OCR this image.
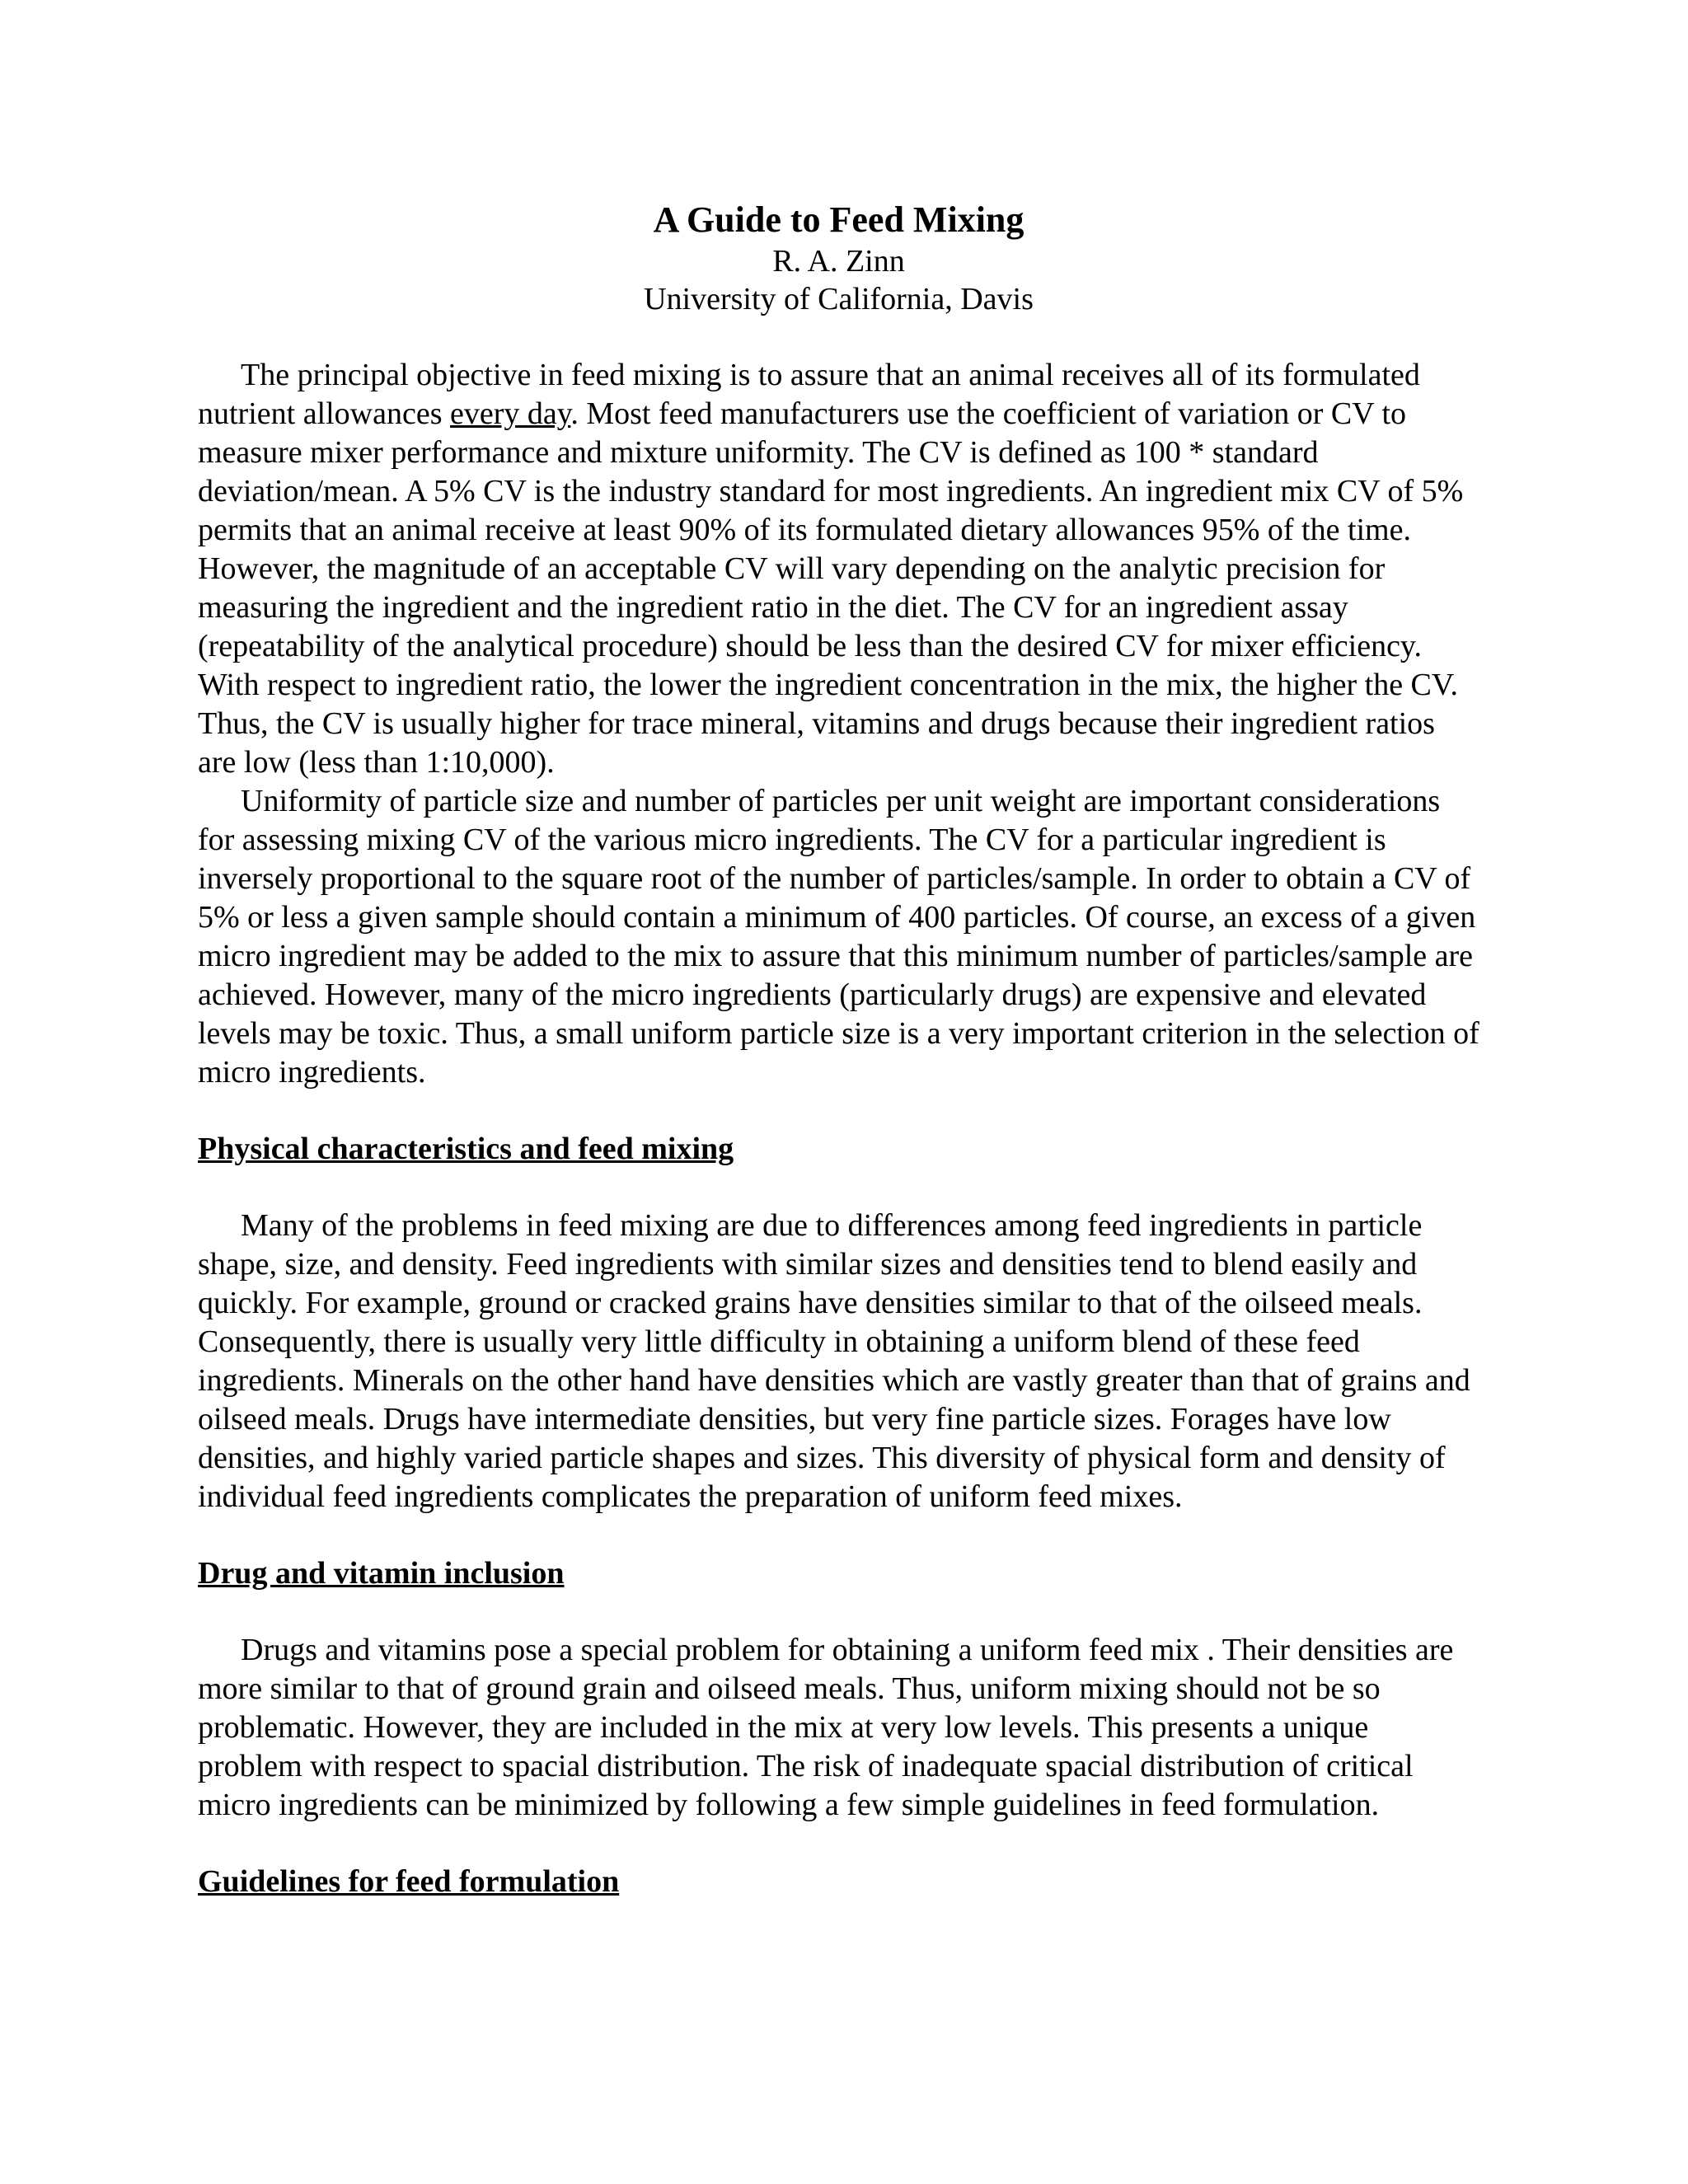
A Guide to Feed Mixing

R. A. Zinn

University of California, Davis

The principal objective in feed mixing is to assure that an animal receives all of its formulated nutrient allowances every day. Most feed manufacturers use the coefficient of variation or CV to measure mixer performance and mixture uniformity. The CV is defined as 100 * standard deviation/mean. A 5% CV is the industry standard for most ingredients. An ingredient mix CV of 5% permits that an animal receive at least 90% of its formulated dietary allowances 95% of the time. However, the magnitude of an acceptable CV will vary depending on the analytic precision for measuring the ingredient and the ingredient ratio in the diet. The CV for an ingredient assay (repeatability of the analytical procedure) should be less than the desired CV for mixer efficiency. With respect to ingredient ratio, the lower the ingredient concentration in the mix, the higher the CV. Thus, the CV is usually higher for trace mineral, vitamins and drugs because their ingredient ratios are low (less than 1:10,000).

Uniformity of particle size and number of particles per unit weight are important considerations for assessing mixing CV of the various micro ingredients. The CV for a particular ingredient is inversely proportional to the square root of the number of particles/sample. In order to obtain a CV of 5% or less a given sample should contain a minimum of 400 particles. Of course, an excess of a given micro ingredient may be added to the mix to assure that this minimum number of particles/sample are achieved. However, many of the micro ingredients (particularly drugs) are expensive and elevated levels may be toxic. Thus, a small uniform particle size is a very important criterion in the selection of micro ingredients.

Physical characteristics and feed mixing

Many of the problems in feed mixing are due to differences among feed ingredients in particle shape, size, and density. Feed ingredients with similar sizes and densities tend to blend easily and quickly. For example, ground or cracked grains have densities similar to that of the oilseed meals. Consequently, there is usually very little difficulty in obtaining a uniform blend of these feed ingredients. Minerals on the other hand have densities which are vastly greater than that of grains and oilseed meals. Drugs have intermediate densities, but very fine particle sizes. Forages have low densities, and highly varied particle shapes and sizes. This diversity of physical form and density of individual feed ingredients complicates the preparation of uniform feed mixes.

Drug and vitamin inclusion

Drugs and vitamins pose a special problem for obtaining a uniform feed mix . Their densities are more similar to that of ground grain and oilseed meals. Thus, uniform mixing should not be so problematic. However, they are included in the mix at very low levels. This presents a unique problem with respect to spacial distribution. The risk of inadequate spacial distribution of critical micro ingredients can be minimized by following a few simple guidelines in feed formulation.

Guidelines for feed formulation
